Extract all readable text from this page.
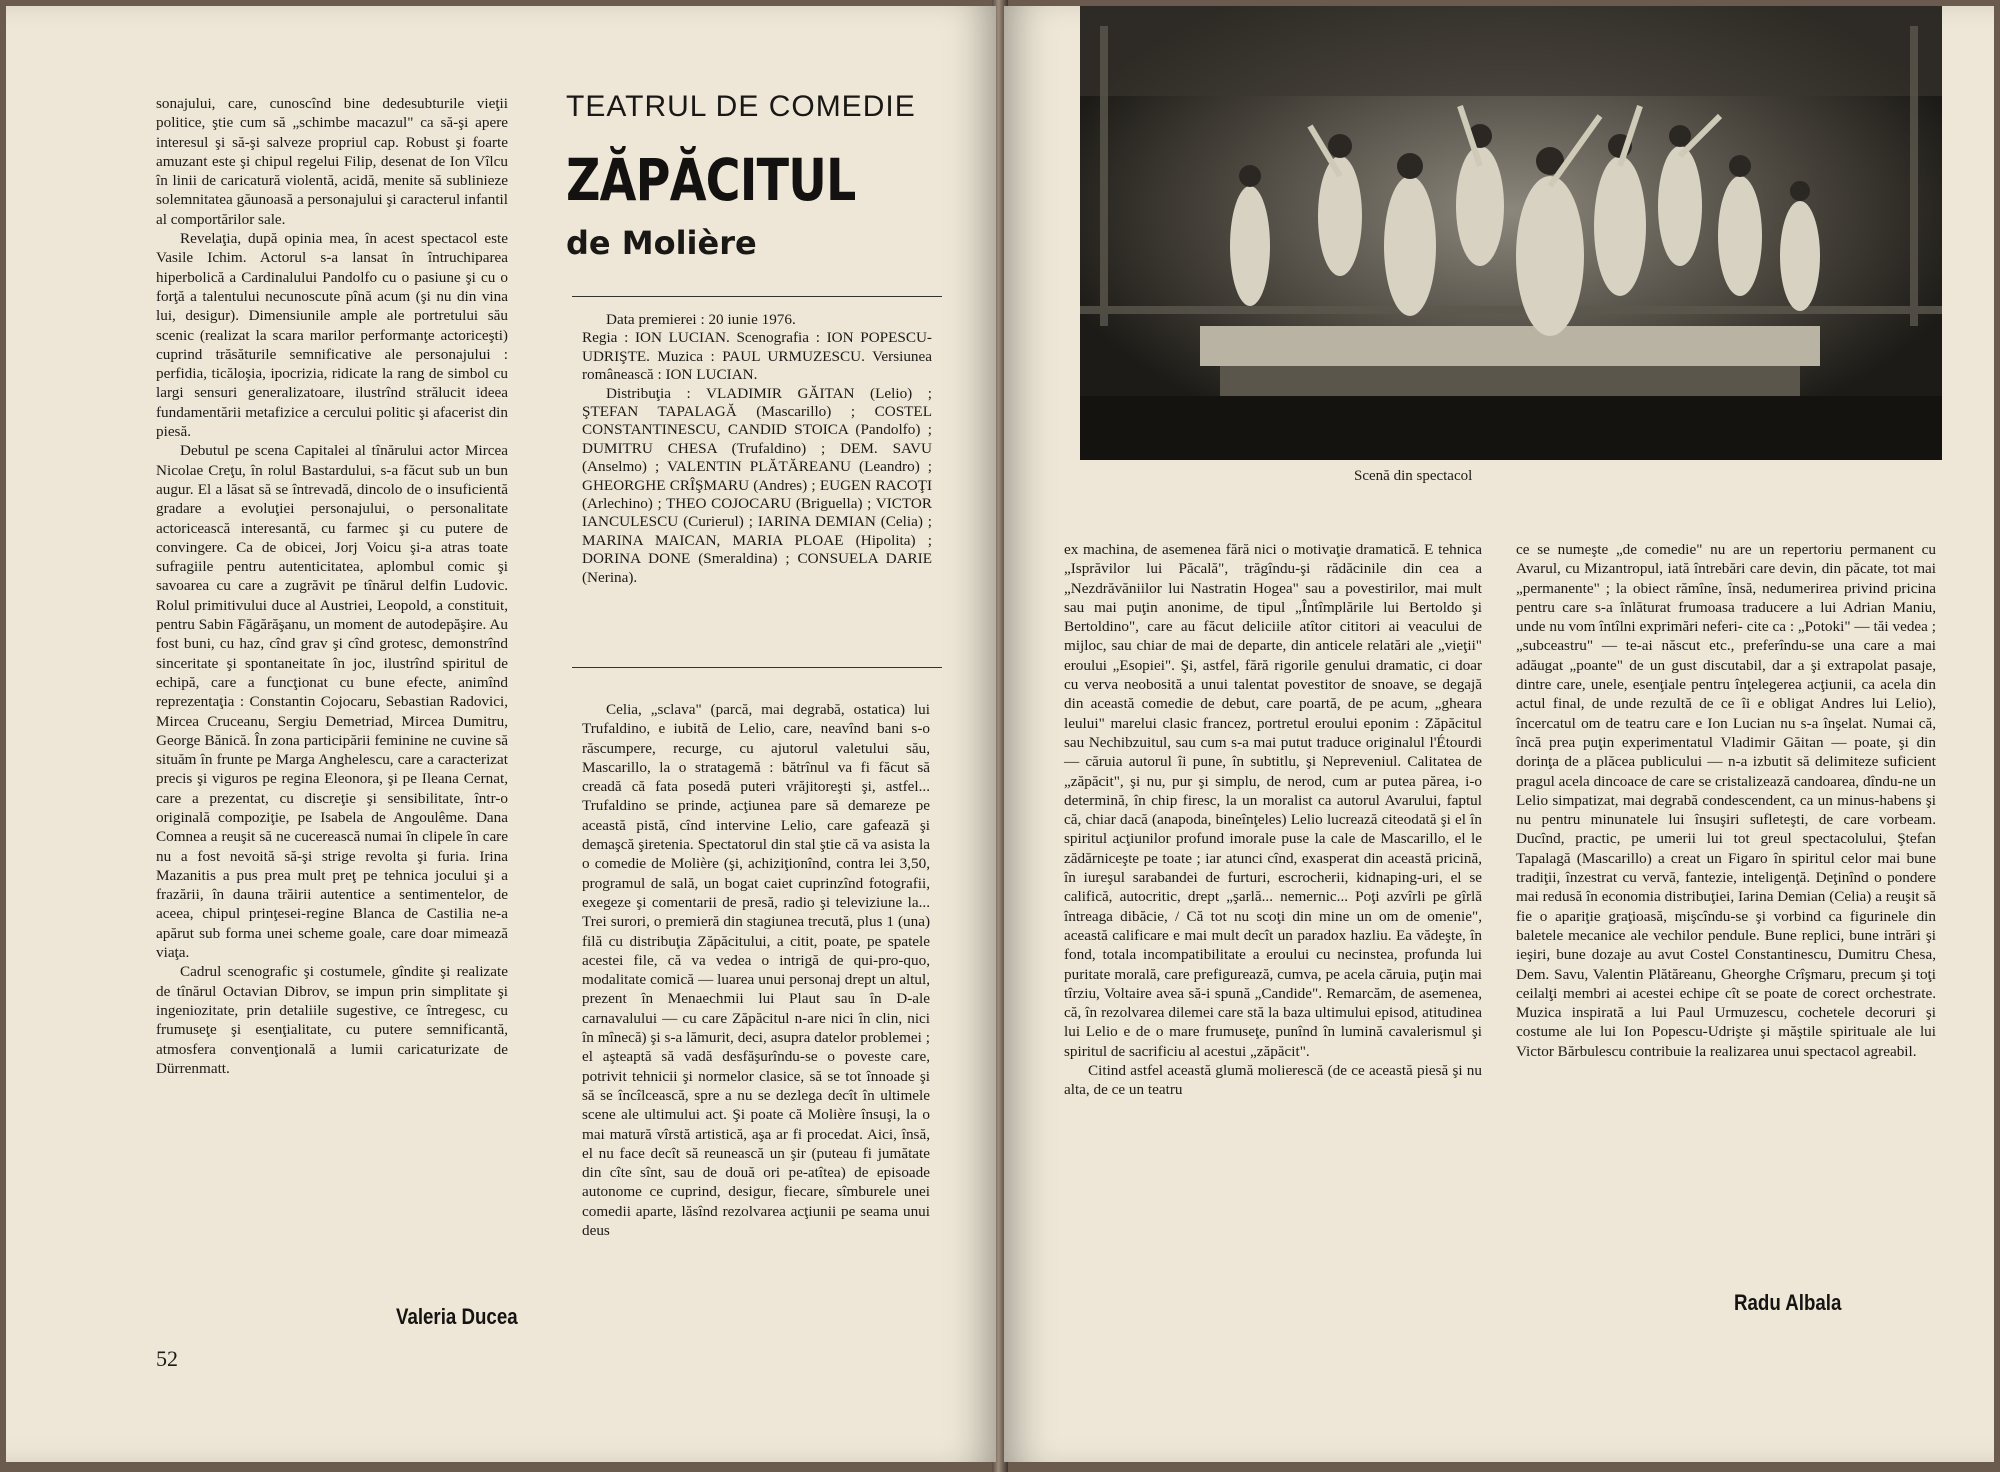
sonajului, care, cunoscînd bine dedesubturile vieţii politice, ştie cum să „schimbe macazul" ca să-şi apere interesul şi să-şi salveze propriul cap. Robust şi foarte amuzant este şi chipul regelui Filip, desenat de Ion Vîlcu în linii de caricatură violentă, acidă, menite să sublinieze solemnitatea găunoasă a personajului şi caracterul infantil al comportărilor sale.

Revelaţia, după opinia mea, în acest spectacol este Vasile Ichim. Actorul s-a lansat în întruchiparea hiperbolică a Cardinalului Pandolfo cu o pasiune şi cu o forţă a talentului necunoscute pînă acum (şi nu din vina lui, desigur). Dimensiunile ample ale portretului său scenic (realizat la scara marilor performanţe actoriceşti) cuprind trăsăturile semnificative ale personajului : perfidia, ticăloşia, ipocrizia, ridicate la rang de simbol cu largi sensuri generalizatoare, ilustrînd strălucit ideea fundamentării metafizice a cercului politic şi afacerist din piesă.

Debutul pe scena Capitalei al tînărului actor Mircea Nicolae Creţu, în rolul Bastardului, s-a făcut sub un bun augur. El a lăsat să se întrevadă, dincolo de o insuficientă gradare a evoluţiei personajului, o personalitate actoricească interesantă, cu farmec şi cu putere de convingere. Ca de obicei, Jorj Voicu şi-a atras toate sufragiile pentru autenticitatea, aplombul comic şi savoarea cu care a zugrăvit pe tînărul delfin Ludovic. Rolul primitivului duce al Austriei, Leopold, a constituit, pentru Sabin Făgărăşanu, un moment de autodepăşire. Au fost buni, cu haz, cînd grav şi cînd grotesc, demonstrînd sinceritate şi spontaneitate în joc, ilustrînd spiritul de echipă, care a funcţionat cu bune efecte, animînd reprezentaţia : Constantin Cojocaru, Sebastian Radovici, Mircea Cruceanu, Sergiu Demetriad, Mircea Dumitru, George Bănică. În zona participării feminine ne cuvine să situăm în frunte pe Marga Anghelescu, care a caracterizat precis şi viguros pe regina Eleonora, şi pe Ileana Cernat, care a prezentat, cu discreţie şi sensibilitate, într-o originală compoziţie, pe Isabela de Angoulême. Dana Comnea a reuşit să ne cucerească numai în clipele în care nu a fost nevoită să-şi strige revolta şi furia. Irina Mazanitis a pus prea mult preţ pe tehnica jocului şi a frazării, în dauna trăirii autentice a sentimentelor, de aceea, chipul prinţesei-regine Blanca de Castilia ne-a apărut sub forma unei scheme goale, care doar mimează viaţa.

Cadrul scenografic şi costumele, gîndite şi realizate de tînărul Octavian Dibrov, se impun prin simplitate şi ingeniozitate, prin detaliile sugestive, ce întregesc, cu frumuseţe şi esenţialitate, cu putere semnificantă, atmosfera convenţională a lumii caricaturizate de Dürrenmatt.

Valeria Ducea
52
TEATRUL DE COMEDIE
ZĂPĂCITUL
de Molière

Data premierei : 20 iunie 1976.

Regia : ION LUCIAN. Scenografia : ION POPESCU-UDRIŞTE. Muzica : PAUL URMUZESCU. Versiunea românească : ION LUCIAN.

Distribuţia : VLADIMIR GĂITAN (Lelio) ; ŞTEFAN TAPALAGĂ (Mascarillo) ; COSTEL CONSTANTINESCU, CANDID STOICA (Pandolfo) ; DUMITRU CHESA (Trufaldino) ; DEM. SAVU (Anselmo) ; VALENTIN PLĂTĂREANU (Leandro) ; GHEORGHE CRÎŞMARU (Andres) ; EUGEN RACOŢI (Arlechino) ; THEO COJOCARU (Briguella) ; VICTOR IANCULESCU (Curierul) ; IARINA DEMIAN (Celia) ; MARINA MAICAN, MARIA PLOAE (Hipolita) ; DORINA DONE (Smeraldina) ; CONSUELA DARIE (Nerina).

Celia, „sclava" (parcă, mai degrabă, ostatica) lui Trufaldino, e iubită de Lelio, care, neavînd bani s-o răscumpere, recurge, cu ajutorul valetului său, Mascarillo, la o stratagemă : bătrînul va fi făcut să creadă că fata posedă puteri vrăjitoreşti şi, astfel... Trufaldino se prinde, acţiunea pare să demareze pe această pistă, cînd intervine Lelio, care gafează şi demaşcă şiretenia. Spectatorul din stal ştie că va asista la o comedie de Molière (şi, achiziţionînd, contra lei 3,50, programul de sală, un bogat caiet cuprinzînd fotografii, exegeze şi comentarii de presă, radio şi televiziune la... Trei surori, o premieră din stagiunea trecută, plus 1 (una) filă cu distribuţia Zăpăcitului, a citit, poate, pe spatele acestei file, că va vedea o intrigă de qui-pro-quo, modalitate comică — luarea unui personaj drept un altul, prezent în Menaechmii lui Plaut sau în D-ale carnavalului — cu care Zăpăcitul n-are nici în clin, nici în mînecă) şi s-a lămurit, deci, asupra datelor problemei ; el aşteaptă să vadă desfăşurîndu-se o poveste care, potrivit tehnicii şi normelor clasice, să se tot înnoade şi să se încîlcească, spre a nu se dezlega decît în ultimele scene ale ultimului act. Şi poate că Molière însuşi, la o mai matură vîrstă artistică, aşa ar fi procedat. Aici, însă, el nu face decît să reunească un şir (puteau fi jumătate din cîte sînt, sau de două ori pe-atîtea) de episoade autonome ce cuprind, desigur, fiecare, sîmburele unei comedii aparte, lăsînd rezolvarea acţiunii pe seama unui deus

Scenă din spectacol

ex machina, de asemenea fără nici o motivaţie dramatică. E tehnica „Isprăvilor lui Păcală", trăgîndu-şi rădăcinile din cea a „Nezdrăvăniilor lui Nastratin Hogea" sau a povestirilor, mai mult sau mai puţin anonime, de tipul „Întîmplările lui Bertoldo şi Bertoldino", care au făcut deliciile atîtor cititori ai veacului de mijloc, sau chiar de mai de departe, din anticele relatări ale „vieţii" eroului „Esopiei". Şi, astfel, fără rigorile genului dramatic, ci doar cu verva neobosită a unui talentat povestitor de snoave, se degajă din această comedie de debut, care poartă, de pe acum, „gheara leului" marelui clasic francez, portretul eroului eponim : Zăpăcitul sau Nechibzuitul, sau cum s-a mai putut traduce originalul l'Étourdi — căruia autorul îi pune, în subtitlu, şi Nepreveniul. Calitatea de „zăpăcit", şi nu, pur şi simplu, de nerod, cum ar putea părea, i-o determină, în chip firesc, la un moralist ca autorul Avarului, faptul că, chiar dacă (anapoda, bineînţeles) Lelio lucrează citeodată şi el în spiritul acţiunilor profund imorale puse la cale de Mascarillo, el le zădărniceşte pe toate ; iar atunci cînd, exasperat din această pricină, în iureşul sarabandei de furturi, escrocherii, kidnaping-uri, el se califică, autocritic, drept „şarlă... nemernic... Poţi azvîrli pe gîrlă întreaga dibăcie, / Că tot nu scoţi din mine un om de omenie", această calificare e mai mult decît un paradox hazliu. Ea vădeşte, în fond, totala incompatibilitate a eroului cu necinstea, profunda lui puritate morală, care prefigurează, cumva, pe acela căruia, puţin mai tîrziu, Voltaire avea să-i spună „Candide". Remarcăm, de asemenea, că, în rezolvarea dilemei care stă la baza ultimului episod, atitudinea lui Lelio e de o mare frumuseţe, punînd în lumină cavalerismul şi spiritul de sacrificiu al acestui „zăpăcit".

Citind astfel această glumă molierescă (de ce această piesă şi nu alta, de ce un teatru

ce se numeşte „de comedie" nu are un repertoriu permanent cu Avarul, cu Mizantropul, iată întrebări care devin, din păcate, tot mai „permanente" ; la obiect rămîne, însă, nedumerirea privind pricina pentru care s-a înlăturat frumoasa traducere a lui Adrian Maniu, unde nu vom întîlni exprimări neferi- cite ca : „Potoki" — tăi vedea ; „subceastru" — te-ai născut etc., preferîndu-se una care a mai adăugat „poante" de un gust discutabil, dar a şi extrapolat pasaje, dintre care, unele, esenţiale pentru înţelegerea acţiunii, ca acela din actul final, de unde rezultă de ce îi e obligat Andres lui Lelio), încercatul om de teatru care e Ion Lucian nu s-a înşelat. Numai că, încă prea puţin experimentatul Vladimir Găitan — poate, şi din dorinţa de a plăcea publicului — n-a izbutit să delimiteze suficient pragul acela dincoace de care se cristalizează candoarea, dîndu-ne un Lelio simpatizat, mai degrabă condescendent, ca un minus-habens şi nu pentru minunatele lui însuşiri sufleteşti, de care vorbeam. Ducînd, practic, pe umerii lui tot greul spectacolului, Ştefan Tapalagă (Mascarillo) a creat un Figaro în spiritul celor mai bune tradiţii, înzestrat cu vervă, fantezie, inteligenţă. Deţinînd o pondere mai redusă în economia distribuţiei, Iarina Demian (Celia) a reuşit să fie o apariţie graţioasă, mişcîndu-se şi vorbind ca figurinele din baletele mecanice ale vechilor pendule. Bune replici, bune intrări şi ieşiri, bune dozaje au avut Costel Constantinescu, Dumitru Chesa, Dem. Savu, Valentin Plătăreanu, Gheorghe Crîşmaru, precum şi toţi ceilalţi membri ai acestei echipe cît se poate de corect orchestrate. Muzica inspirată a lui Paul Urmuzescu, cochetele decoruri şi costume ale lui Ion Popescu-Udrişte şi măştile spirituale ale lui Victor Bărbulescu contribuie la realizarea unui spectacol agreabil.

Radu Albala
